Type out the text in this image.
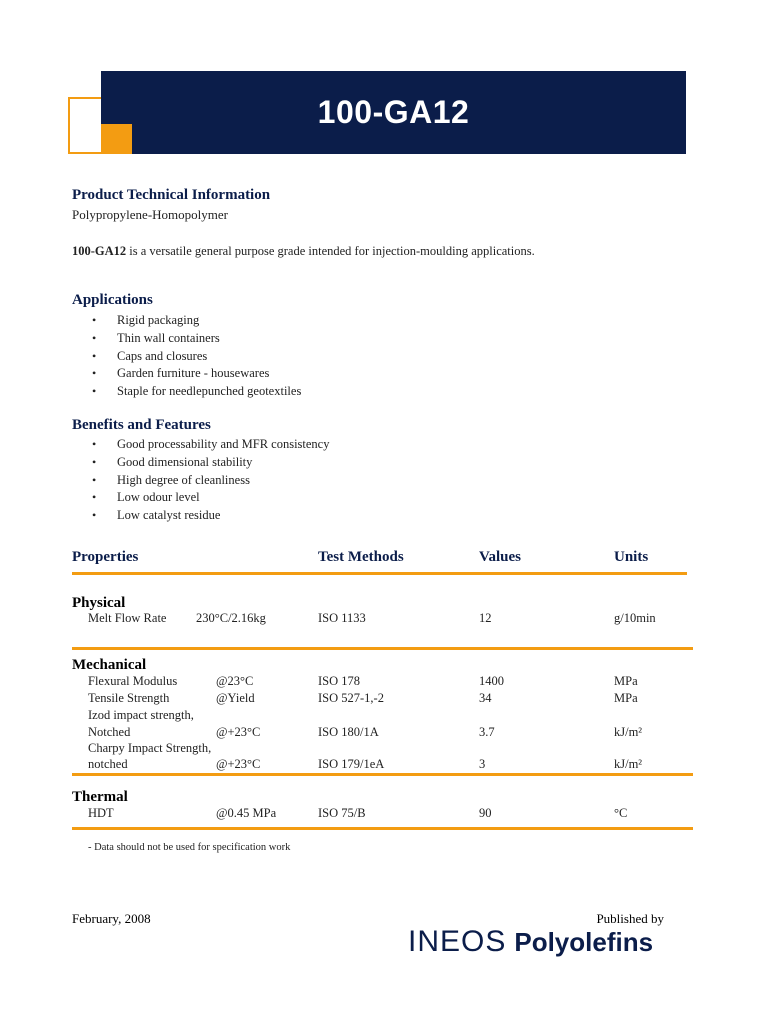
100-GA12
Product Technical Information
Polypropylene-Homopolymer
100-GA12 is a versatile general purpose grade intended for injection-moulding applications.
Applications
• Rigid packaging
• Thin wall containers
• Caps and closures
• Garden furniture - housewares
• Staple for needlepunched geotextiles
Benefits and Features
• Good processability and MFR consistency
• Good dimensional stability
• High degree of cleanliness
• Low odour level
• Low catalyst residue
Properties	Test Methods	Values	Units
Physical
Melt Flow Rate 230°C/2.16kg	ISO 1133	12	g/10min
Mechanical
Flexural Modulus	@23°C	ISO 178	1400	MPa
Tensile Strength	@Yield	ISO 527-1,-2	34	MPa
Izod impact strength,
Notched	@+23°C	ISO 180/1A	3.7	kJ/m²
Charpy Impact Strength,
notched	@+23°C	ISO 179/1eA	3	kJ/m²
Thermal
HDT	@0.45 MPa	ISO 75/B	90	°C
- Data should not be used for specification work
February, 2008	Published by
INEOS Polyolefins
